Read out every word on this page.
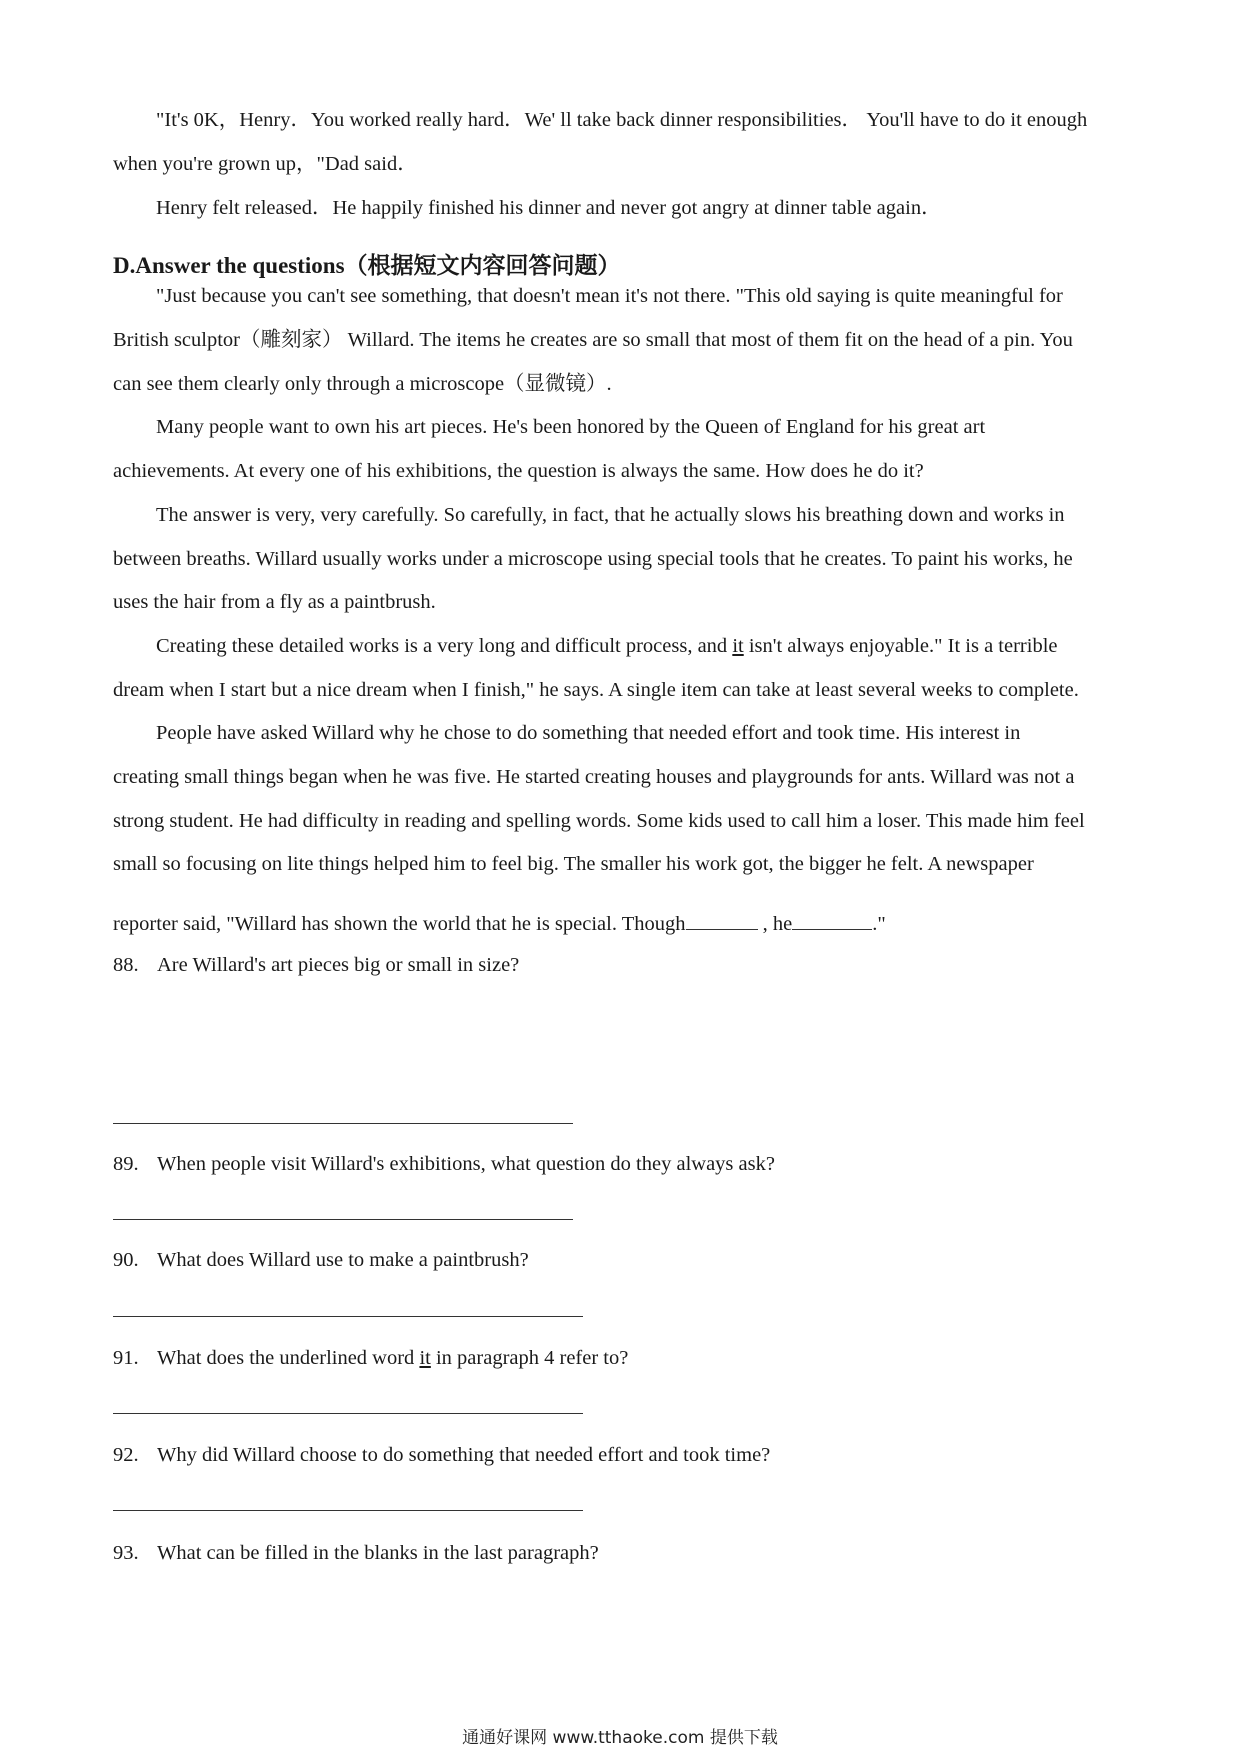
"It's 0K，Henry．You worked really hard．We' ll take back dinner responsibilities． You'll have to do it enough
when you're grown up，"Dad said．
Henry felt released．He happily finished his dinner and never got angry at dinner table again．
D.Answer the questions（根据短文内容回答问题）
"Just because you can't see something, that doesn't mean it's not there. "This old saying is quite meaningful for
British sculptor（雕刻家） Willard. The items he creates are so small that most of them fit on the head of a pin. You
can see them clearly only through a microscope（显微镜）.
Many people want to own his art pieces. He's been honored by the Queen of England for his great art
achievements. At every one of his exhibitions, the question is always the same. How does he do it?
The answer is very, very carefully. So carefully, in fact, that he actually slows his breathing down and works in
between breaths. Willard usually works under a microscope using special tools that he creates. To paint his works, he
uses the hair from a fly as a paintbrush.
Creating these detailed works is a very long and difficult process, and it isn't always enjoyable." It is a terrible
dream when I start but a nice dream when I finish," he says. A single item can take at least several weeks to complete.
People have asked Willard why he chose to do something that needed effort and took time. His interest in
creating small things began when he was five. He started creating houses and playgrounds for ants. Willard was not a
strong student. He had difficulty in reading and spelling words. Some kids used to call him a loser. This made him feel
small so focusing on lite things helped him to feel big. The smaller his work got, the bigger he felt. A newspaper
reporter said, "Willard has shown the world that he is special. Though	, he	."
88. Are Willard's art pieces big or small in size?
89. When people visit Willard's exhibitions, what question do they always ask?
90. What does Willard use to make a paintbrush?
91. What does the underlined word it in paragraph 4 refer to?
92. Why did Willard choose to do something that needed effort and took time?
93. What can be filled in the blanks in the last paragraph?
通通好课网 www.tthaoke.com 提供下载
